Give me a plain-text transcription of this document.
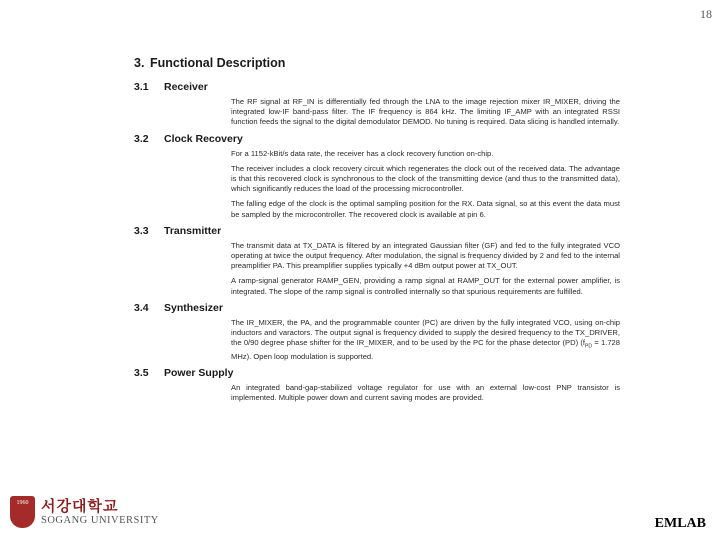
18
3. Functional Description
3.1	Receiver

The RF signal at RF_IN is differentially fed through the LNA to the image rejection mixer IR_MIXER, driving the integrated low-IF band-pass filter. The IF frequency is 864 kHz. The limiting IF_AMP with an integrated RSSI function feeds the signal to the digital demodulator DEMOD. No tuning is required. Data slicing is handled internally.

3.2	Clock Recovery

For a 1152-kBit/s data rate, the receiver has a clock recovery function on-chip.

The receiver includes a clock recovery circuit which regenerates the clock out of the received data. The advantage is that this recovered clock is synchronous to the clock of the transmitting device (and thus to the transmitted data), which significantly reduces the load of the processing microcontroller.

The falling edge of the clock is the optimal sampling position for the RX. Data signal, so at this event the data must be sampled by the microcontroller. The recovered clock is available at pin 6.

3.3	Transmitter

The transmit data at TX_DATA is filtered by an integrated Gaussian filter (GF) and fed to the fully integrated VCO operating at twice the output frequency. After modulation, the signal is frequency divided by 2 and fed to the internal preamplifier PA. This preamplifier supplies typically +4 dBm output power at TX_OUT.

A ramp-signal generator RAMP_GEN, providing a ramp signal at RAMP_OUT for the external power amplifier, is integrated. The slope of the ramp signal is controlled internally so that spurious requirements are fulfilled.

3.4	Synthesizer

The IR_MIXER, the PA, and the programmable counter (PC) are driven by the fully integrated VCO, using on-chip inductors and varactors. The output signal is frequency divided to supply the desired frequency to the TX_DRIVER, the 0/90 degree phase shifter for the IR_MIXER, and to be used by the PC for the phase detector (PD) ($f_{PD} = 1.728$ MHz). Open loop modulation is supported.

3.5	Power Supply

An integrated band-gap-stabilized voltage regulator for use with an external low-cost PNP transistor is implemented. Multiple power down and current saving modes are provided.

1960 서강대학교
SOGANG UNIVERSITY	EMLAB
